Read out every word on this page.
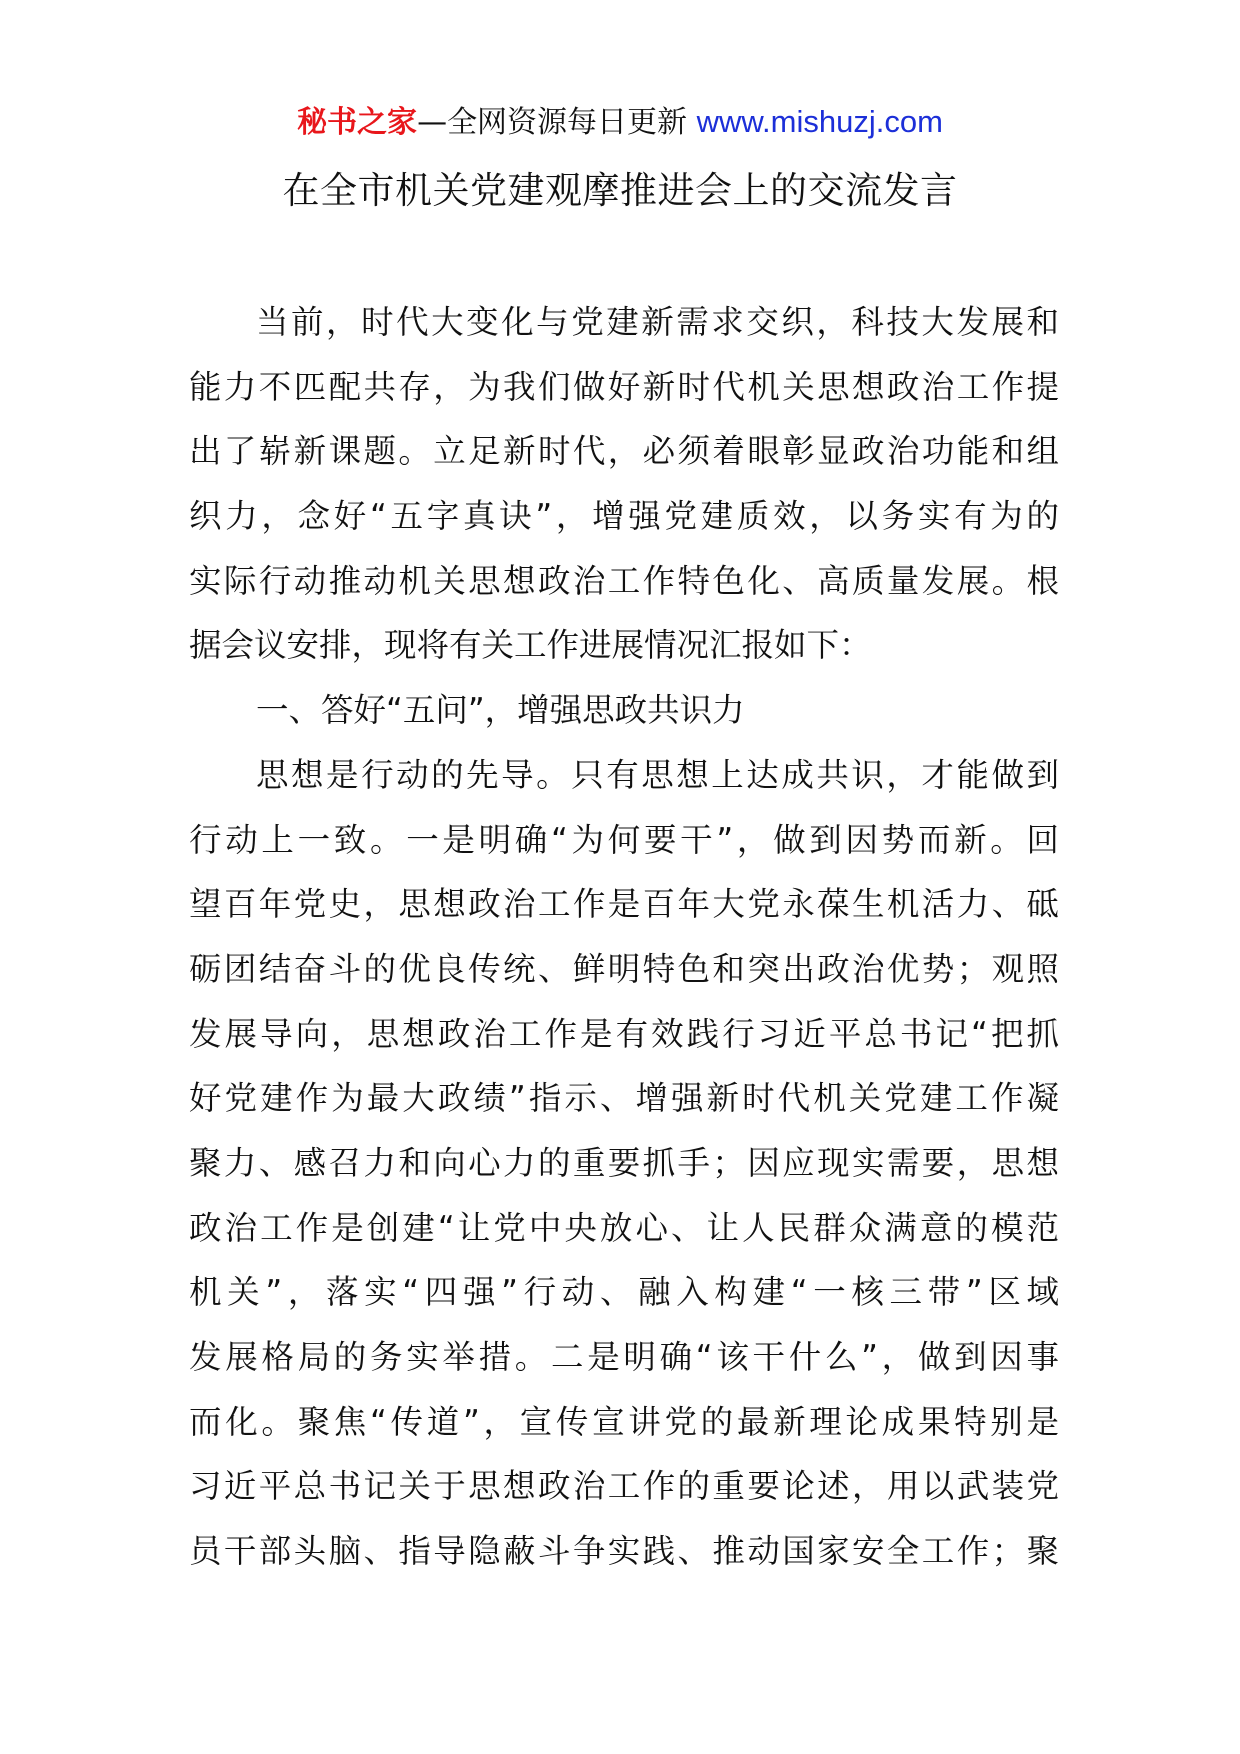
秘书之家—全网资源每日更新 www.mishuzj.com
在全市机关党建观摩推进会上的交流发言
当前，时代大变化与党建新需求交织，科技大发展和
能力不匹配共存，为我们做好新时代机关思想政治工作提
出了崭新课题。立足新时代，必须着眼彰显政治功能和组
织力，念好“五字真诀”，增强党建质效，以务实有为的
实际行动推动机关思想政治工作特色化、高质量发展。根
据会议安排，现将有关工作进展情况汇报如下：
一、答好“五问”，增强思政共识力
思想是行动的先导。只有思想上达成共识，才能做到
行动上一致。一是明确“为何要干”，做到因势而新。回
望百年党史，思想政治工作是百年大党永葆生机活力、砥
砺团结奋斗的优良传统、鲜明特色和突出政治优势；观照
发展导向，思想政治工作是有效践行习近平总书记“把抓
好党建作为最大政绩”指示、增强新时代机关党建工作凝
聚力、感召力和向心力的重要抓手；因应现实需要，思想
政治工作是创建“让党中央放心、让人民群众满意的模范
机关”，落实“四强”行动、融入构建“一核三带”区域
发展格局的务实举措。二是明确“该干什么”，做到因事
而化。聚焦“传道”，宣传宣讲党的最新理论成果特别是
习近平总书记关于思想政治工作的重要论述，用以武装党
员干部头脑、指导隐蔽斗争实践、推动国家安全工作；聚
